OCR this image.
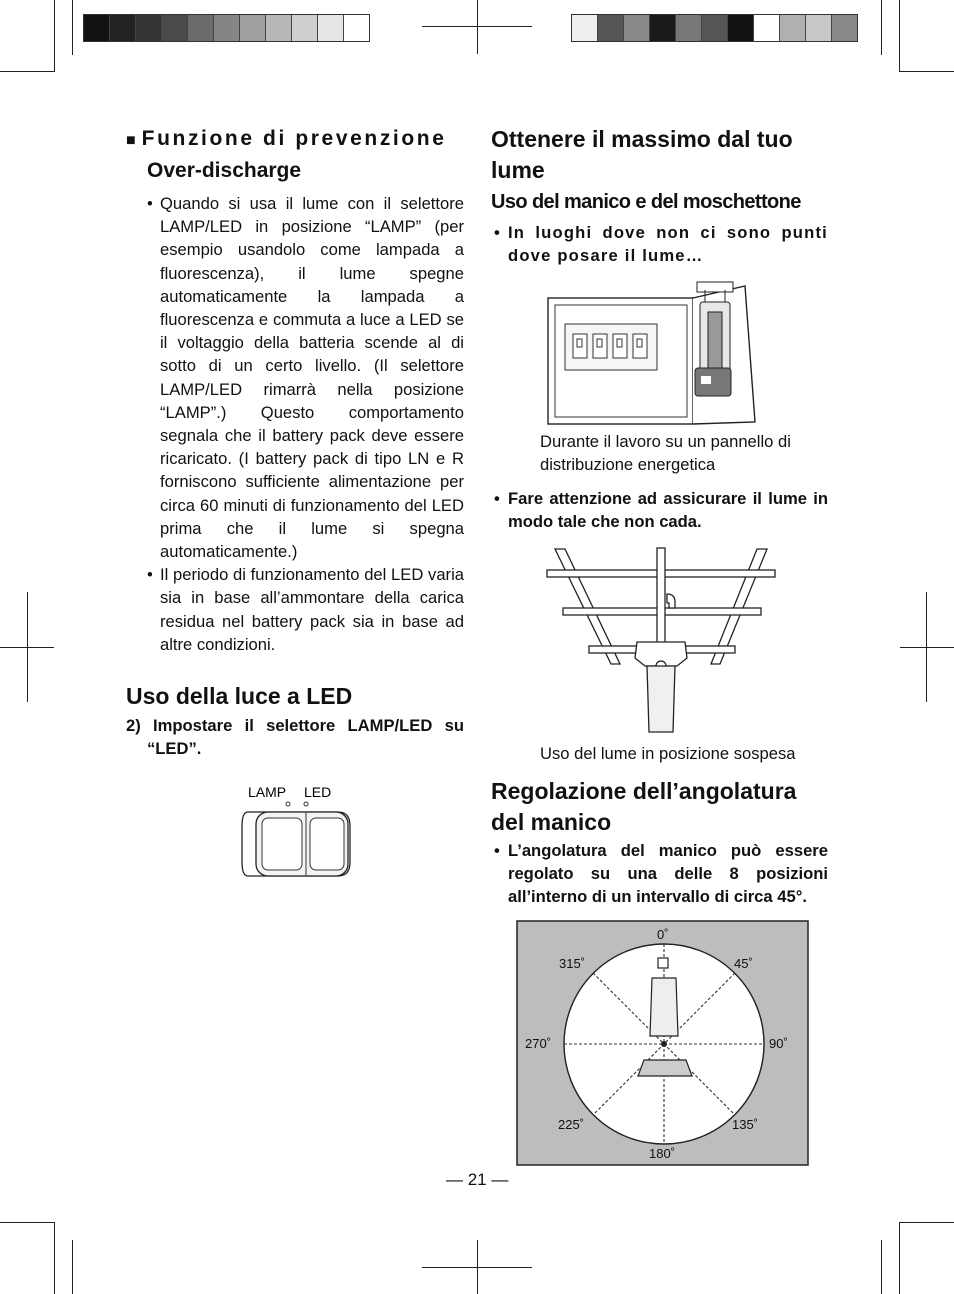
■ Funzione di prevenzione
Over-discharge
• Quando si usa il lume con il selettore LAMP/LED in posizione “LAMP” (per esempio usandolo come lampada a fluorescenza), il lume spegne automaticamente la lampada a fluorescenza e commuta a luce a LED se il voltaggio della batteria scende al di sotto di un certo livello. (Il selettore LAMP/LED rimarrà nella posizione “LAMP”.) Questo comportamento segnala che il battery pack deve essere ricaricato. (I battery pack di tipo LN e R forniscono sufficiente alimentazione per circa 60 minuti di funzionamento del LED prima che il lume si spegna automaticamente.)
• Il periodo di funzionamento del LED varia sia in base all’ammontare della carica residua nel battery pack sia in base ad altre condizioni.
Uso della luce a LED
2) Impostare il selettore LAMP/LED su “LED”.
LAMP LED
Ottenere il massimo dal tuo lume
Uso del manico e del moschettone
• In luoghi dove non ci sono punti dove posare il lume…
Durante il lavoro su un pannello di distribuzione energetica
• Fare attenzione ad assicurare il lume in modo tale che non cada.
Uso del lume in posizione sospesa
Regolazione dell’angolatura del manico
• L’angolatura del manico può essere regolato su una delle 8 posizioni all’interno di un intervallo di circa 45°.
0˚
45˚
90˚
135˚
180˚
225˚
270˚
315˚
— 21 —
